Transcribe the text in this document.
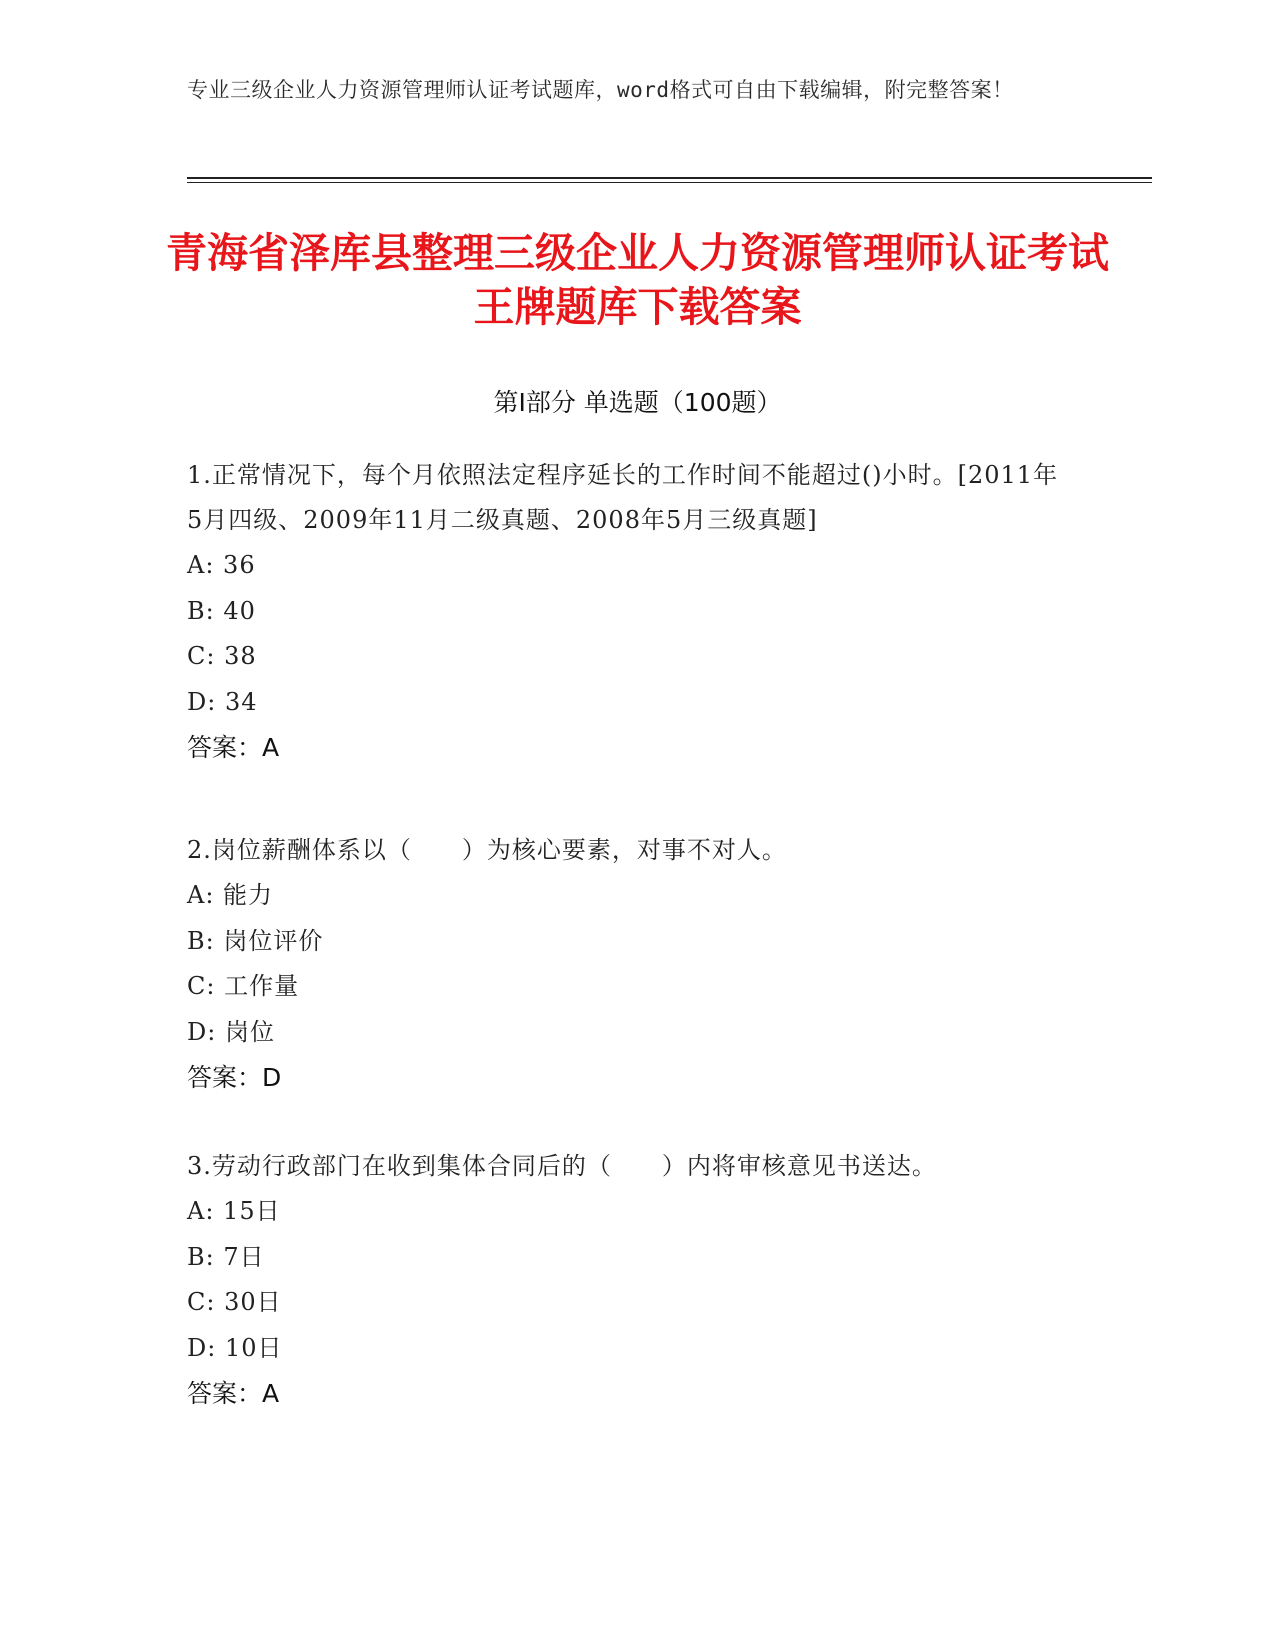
专业三级企业人力资源管理师认证考试题库，word格式可自由下载编辑，附完整答案！
青海省泽库县整理三级企业人力资源管理师认证考试王牌题库下载答案
第Ⅰ部分 单选题（100题）
1.正常情况下，每个月依照法定程序延长的工作时间不能超过()小时。[2011年5月四级、2009年11月二级真题、2008年5月三级真题]
A: 36
B: 40
C: 38
D: 34
答案：A
2.岗位薪酬体系以（　　）为核心要素，对事不对人。
A: 能力
B: 岗位评价
C: 工作量
D: 岗位
答案：D
3.劳动行政部门在收到集体合同后的（　　）内将审核意见书送达。
A: 15日
B: 7日
C: 30日
D: 10日
答案：A
